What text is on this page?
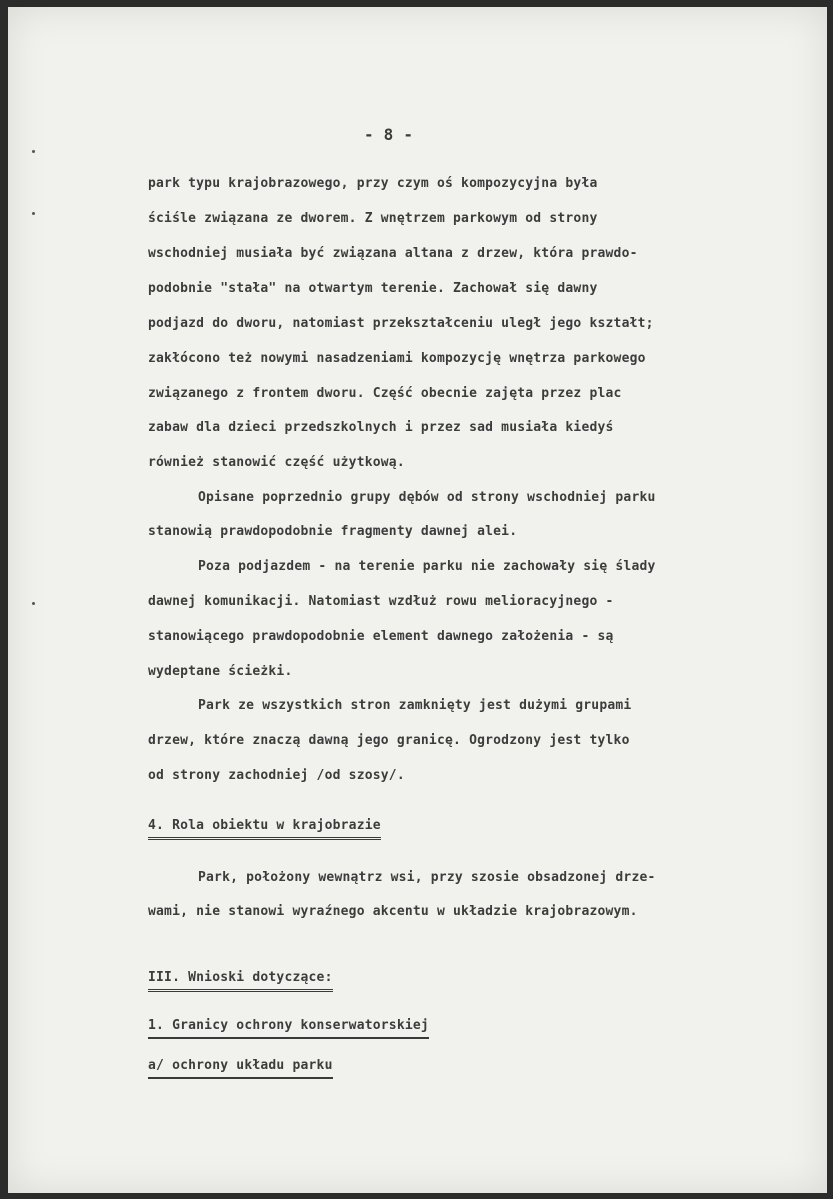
- 8 -
park typu krajobrazowego, przy czym oś kompozycyjna była
ściśle związana ze dworem. Z wnętrzem parkowym od strony
wschodniej musiała być związana altana z drzew, która prawdo-
podobnie "stała" na otwartym terenie. Zachował się dawny
podjazd do dworu, natomiast przekształceniu uległ jego kształt;
zakłócono też nowymi nasadzeniami kompozycję wnętrza parkowego
związanego z frontem dworu. Część obecnie zajęta przez plac
zabaw dla dzieci przedszkolnych i przez sad musiała kiedyś
również stanowić część użytkową.
Opisane poprzednio grupy dębów od strony wschodniej parku
stanowią prawdopodobnie fragmenty dawnej alei.
Poza podjazdem - na terenie parku nie zachowały się ślady
dawnej komunikacji. Natomiast wzdłuż rowu melioracyjnego -
stanowiącego prawdopodobnie element dawnego założenia - są
wydeptane ścieżki.
Park ze wszystkich stron zamknięty jest dużymi grupami
drzew, które znaczą dawną jego granicę. Ogrodzony jest tylko
od strony zachodniej /od szosy/.
4. Rola obiektu w krajobrazie
Park, położony wewnątrz wsi, przy szosie obsadzonej drze-
wami, nie stanowi wyraźnego akcentu w układzie krajobrazowym.
III. Wnioski dotyczące:
1. Granicy ochrony konserwatorskiej
a/ ochrony układu parku
